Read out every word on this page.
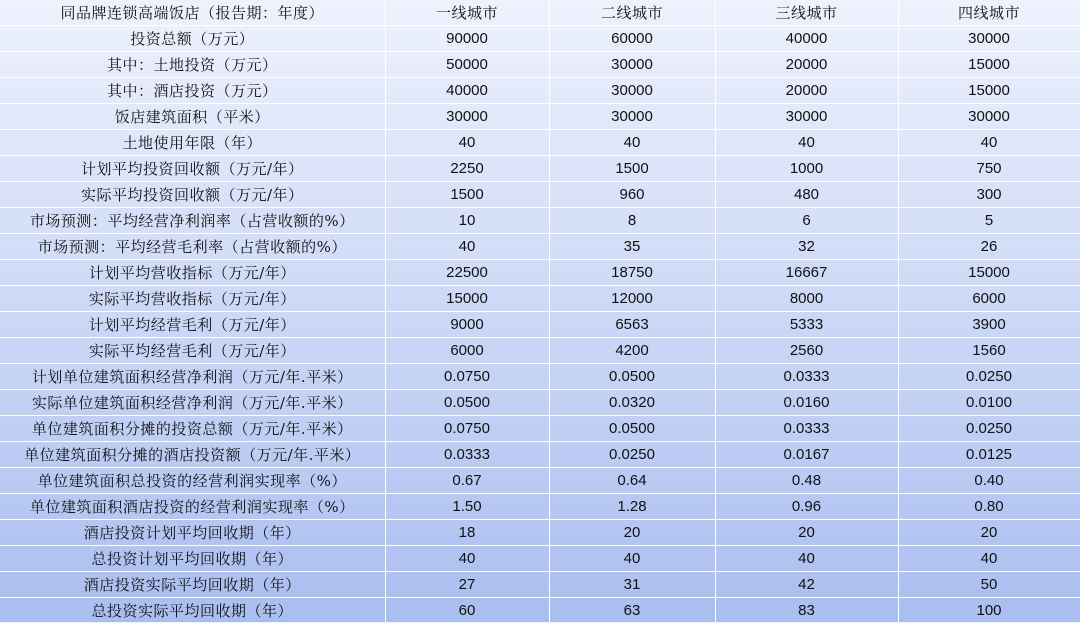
同品牌连锁高端饭店（报告期：年度）	一线城市	二线城市	三线城市	四线城市
投资总额（万元）	90000	60000	40000	30000
其中：土地投资（万元）	50000	30000	20000	15000
其中：酒店投资（万元）	40000	30000	20000	15000
饭店建筑面积（平米）	30000	30000	30000	30000
土地使用年限（年）	40	40	40	40
计划平均投资回收额（万元/年）	2250	1500	1000	750
实际平均投资回收额（万元/年）	1500	960	480	300
市场预测：平均经营净利润率（占营收额的%）	10	8	6	5
市场预测：平均经营毛利率（占营收额的%）	40	35	32	26
计划平均营收指标（万元/年）	22500	18750	16667	15000
实际平均营收指标（万元/年）	15000	12000	8000	6000
计划平均经营毛利（万元/年）	9000	6563	5333	3900
实际平均经营毛利（万元/年）	6000	4200	2560	1560
计划单位建筑面积经营净利润（万元/年.平米）	0.0750	0.0500	0.0333	0.0250
实际单位建筑面积经营净利润（万元/年.平米）	0.0500	0.0320	0.0160	0.0100
单位建筑面积分摊的投资总额（万元/年.平米）	0.0750	0.0500	0.0333	0.0250
单位建筑面积分摊的酒店投资额（万元/年.平米）	0.0333	0.0250	0.0167	0.0125
单位建筑面积总投资的经营利润实现率（%）	0.67	0.64	0.48	0.40
单位建筑面积酒店投资的经营利润实现率（%）	1.50	1.28	0.96	0.80
酒店投资计划平均回收期（年）	18	20	20	20
总投资计划平均回收期（年）	40	40	40	40
酒店投资实际平均回收期（年）	27	31	42	50
总投资实际平均回收期（年）	60	63	83	100
